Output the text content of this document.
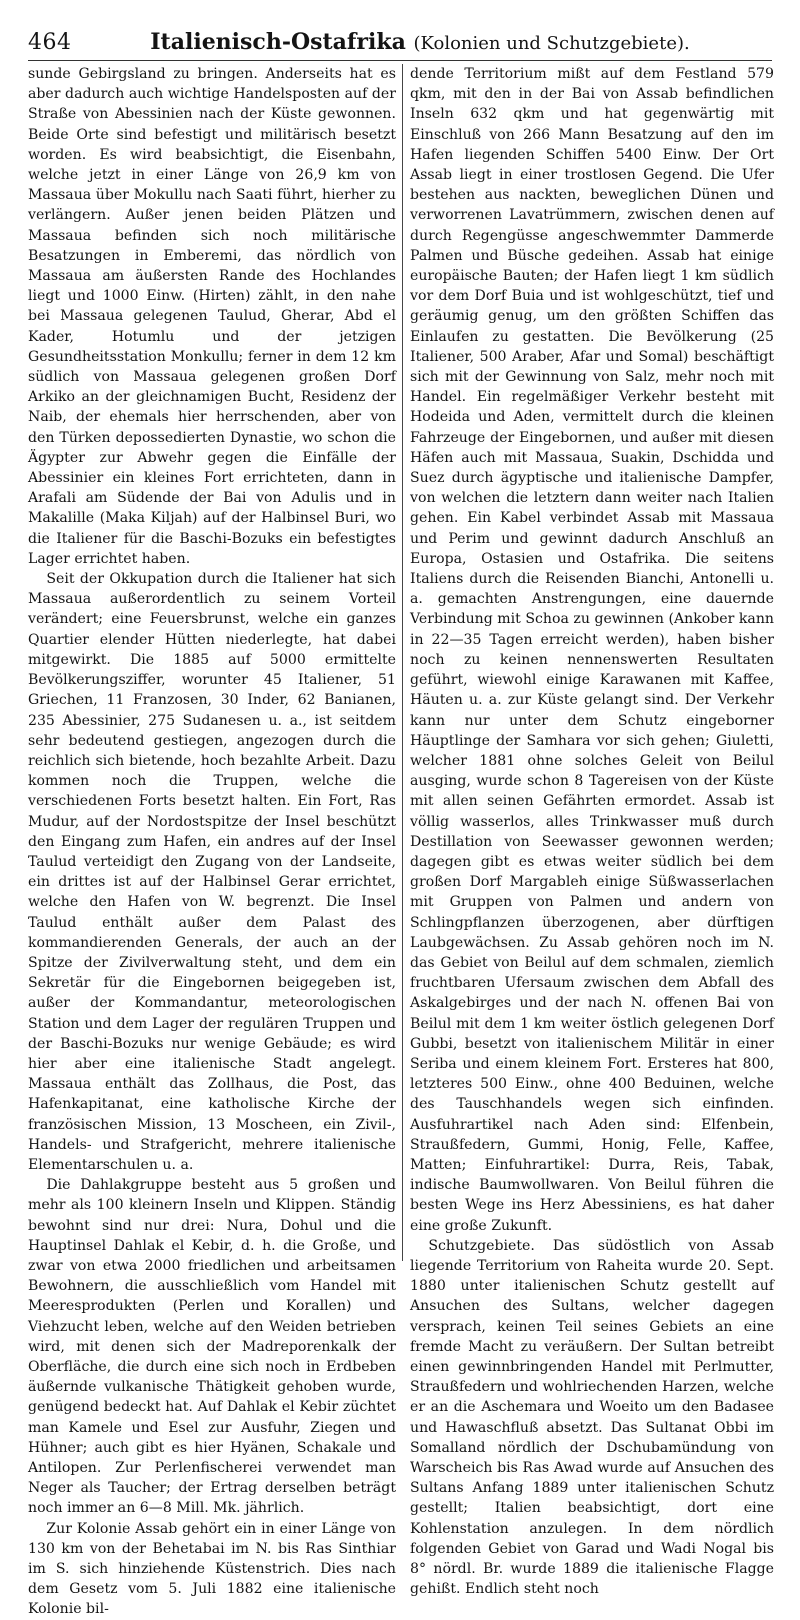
464	Italienisch-Ostafrika (Kolonien und Schutzgebiete).

sunde Gebirgsland zu bringen. Anderseits hat es aber dadurch auch wichtige Handelsposten auf der Straße von Abessinien nach der Küste gewonnen. Beide Orte sind befestigt und militärisch besetzt worden. Es wird beabsichtigt, die Eisenbahn, welche jetzt in einer Länge von 26,9 km von Massaua über Mokullu nach Saati führt, hierher zu verlängern. Außer jenen beiden Plätzen und Massaua befinden sich noch militärische Besatzungen in Emberemi, das nördlich von Massaua am äußersten Rande des Hochlandes liegt und 1000 Einw. (Hirten) zählt, in den nahe bei Massaua gelegenen Taulud, Gherar, Abd el Kader, Hotumlu und der jetzigen Gesundheitsstation Monkullu; ferner in dem 12 km südlich von Massaua gelegenen großen Dorf Arkiko an der gleichnamigen Bucht, Residenz der Naib, der ehemals hier herrschenden, aber von den Türken depossedierten Dynastie, wo schon die Ägypter zur Abwehr gegen die Einfälle der Abessinier ein kleines Fort errichteten, dann in Arafali am Südende der Bai von Adulis und in Makalille (Maka Kiljah) auf der Halbinsel Buri, wo die Italiener für die Baschi-Bozuks ein befestigtes Lager errichtet haben.

Seit der Okkupation durch die Italiener hat sich Massaua außerordentlich zu seinem Vorteil verändert; eine Feuersbrunst, welche ein ganzes Quartier elender Hütten niederlegte, hat dabei mitgewirkt. Die 1885 auf 5000 ermittelte Bevölkerungsziffer, worunter 45 Italiener, 51 Griechen, 11 Franzosen, 30 Inder, 62 Banianen, 235 Abessinier, 275 Sudanesen u. a., ist seitdem sehr bedeutend gestiegen, angezogen durch die reichlich sich bietende, hoch bezahlte Arbeit. Dazu kommen noch die Truppen, welche die verschiedenen Forts besetzt halten. Ein Fort, Ras Mudur, auf der Nordostspitze der Insel beschützt den Eingang zum Hafen, ein andres auf der Insel Taulud verteidigt den Zugang von der Landseite, ein drittes ist auf der Halbinsel Gerar errichtet, welche den Hafen von W. begrenzt. Die Insel Taulud enthält außer dem Palast des kommandierenden Generals, der auch an der Spitze der Zivilverwaltung steht, und dem ein Sekretär für die Eingebornen beigegeben ist, außer der Kommandantur, meteorologischen Station und dem Lager der regulären Truppen und der Baschi-Bozuks nur wenige Gebäude; es wird hier aber eine italienische Stadt angelegt. Massaua enthält das Zollhaus, die Post, das Hafenkapitanat, eine katholische Kirche der französischen Mission, 13 Moscheen, ein Zivil-, Handels- und Strafgericht, mehrere italienische Elementarschulen u. a.

Die Dahlakgruppe besteht aus 5 großen und mehr als 100 kleinern Inseln und Klippen. Ständig bewohnt sind nur drei: Nura, Dohul und die Hauptinsel Dahlak el Kebir, d. h. die Große, und zwar von etwa 2000 friedlichen und arbeitsamen Bewohnern, die ausschließlich vom Handel mit Meeresprodukten (Perlen und Korallen) und Viehzucht leben, welche auf den Weiden betrieben wird, mit denen sich der Madreporenkalk der Oberfläche, die durch eine sich noch in Erdbeben äußernde vulkanische Thätigkeit gehoben wurde, genügend bedeckt hat. Auf Dahlak el Kebir züchtet man Kamele und Esel zur Ausfuhr, Ziegen und Hühner; auch gibt es hier Hyänen, Schakale und Antilopen. Zur Perlenfischerei verwendet man Neger als Taucher; der Ertrag derselben beträgt noch immer an 6—8 Mill. Mk. jährlich.

Zur Kolonie Assab gehört ein in einer Länge von 130 km von der Behetabai im N. bis Ras Sinthiar im S. sich hinziehende Küstenstrich. Dies nach dem Gesetz vom 5. Juli 1882 eine italienische Kolonie bil-

dende Territorium mißt auf dem Festland 579 qkm, mit den in der Bai von Assab befindlichen Inseln 632 qkm und hat gegenwärtig mit Einschluß von 266 Mann Besatzung auf den im Hafen liegenden Schiffen 5400 Einw. Der Ort Assab liegt in einer trostlosen Gegend. Die Ufer bestehen aus nackten, beweglichen Dünen und verworrenen Lavatrümmern, zwischen denen auf durch Regengüsse angeschwemmter Dammerde Palmen und Büsche gedeihen. Assab hat einige europäische Bauten; der Hafen liegt 1 km südlich vor dem Dorf Buia und ist wohlgeschützt, tief und geräumig genug, um den größten Schiffen das Einlaufen zu gestatten. Die Bevölkerung (25 Italiener, 500 Araber, Afar und Somal) beschäftigt sich mit der Gewinnung von Salz, mehr noch mit Handel. Ein regelmäßiger Verkehr besteht mit Hodeida und Aden, vermittelt durch die kleinen Fahrzeuge der Eingebornen, und außer mit diesen Häfen auch mit Massaua, Suakin, Dschidda und Suez durch ägyptische und italienische Dampfer, von welchen die letztern dann weiter nach Italien gehen. Ein Kabel verbindet Assab mit Massaua und Perim und gewinnt dadurch Anschluß an Europa, Ostasien und Ostafrika. Die seitens Italiens durch die Reisenden Bianchi, Antonelli u. a. gemachten Anstrengungen, eine dauernde Verbindung mit Schoa zu gewinnen (Ankober kann in 22—35 Tagen erreicht werden), haben bisher noch zu keinen nennenswerten Resultaten geführt, wiewohl einige Karawanen mit Kaffee, Häuten u. a. zur Küste gelangt sind. Der Verkehr kann nur unter dem Schutz eingeborner Häuptlinge der Samhara vor sich gehen; Giuletti, welcher 1881 ohne solches Geleit von Beilul ausging, wurde schon 8 Tagereisen von der Küste mit allen seinen Gefährten ermordet. Assab ist völlig wasserlos, alles Trinkwasser muß durch Destillation von Seewasser gewonnen werden; dagegen gibt es etwas weiter südlich bei dem großen Dorf Margableh einige Süßwasserlachen mit Gruppen von Palmen und andern von Schlingpflanzen überzogenen, aber dürftigen Laubgewächsen. Zu Assab gehören noch im N. das Gebiet von Beilul auf dem schmalen, ziemlich fruchtbaren Ufersaum zwischen dem Abfall des Askalgebirges und der nach N. offenen Bai von Beilul mit dem 1 km weiter östlich gelegenen Dorf Gubbi, besetzt von italienischem Militär in einer Seriba und einem kleinem Fort. Ersteres hat 800, letzteres 500 Einw., ohne 400 Beduinen, welche des Tauschhandels wegen sich einfinden. Ausfuhrartikel nach Aden sind: Elfenbein, Straußfedern, Gummi, Honig, Felle, Kaffee, Matten; Einfuhrartikel: Durra, Reis, Tabak, indische Baumwollwaren. Von Beilul führen die besten Wege ins Herz Abessiniens, es hat daher eine große Zukunft.

Schutzgebiete. Das südöstlich von Assab liegende Territorium von Raheita wurde 20. Sept. 1880 unter italienischen Schutz gestellt auf Ansuchen des Sultans, welcher dagegen versprach, keinen Teil seines Gebiets an eine fremde Macht zu veräußern. Der Sultan betreibt einen gewinnbringenden Handel mit Perlmutter, Straußfedern und wohlriechenden Harzen, welche er an die Aschemara und Woeito um den Badasee und Hawaschfluß absetzt. Das Sultanat Obbi im Somalland nördlich der Dschubamündung von Warscheich bis Ras Awad wurde auf Ansuchen des Sultans Anfang 1889 unter italienischen Schutz gestellt; Italien beabsichtigt, dort eine Kohlenstation anzulegen. In dem nördlich folgenden Gebiet von Garad und Wadi Nogal bis 8° nördl. Br. wurde 1889 die italienische Flagge gehißt. Endlich steht noch
